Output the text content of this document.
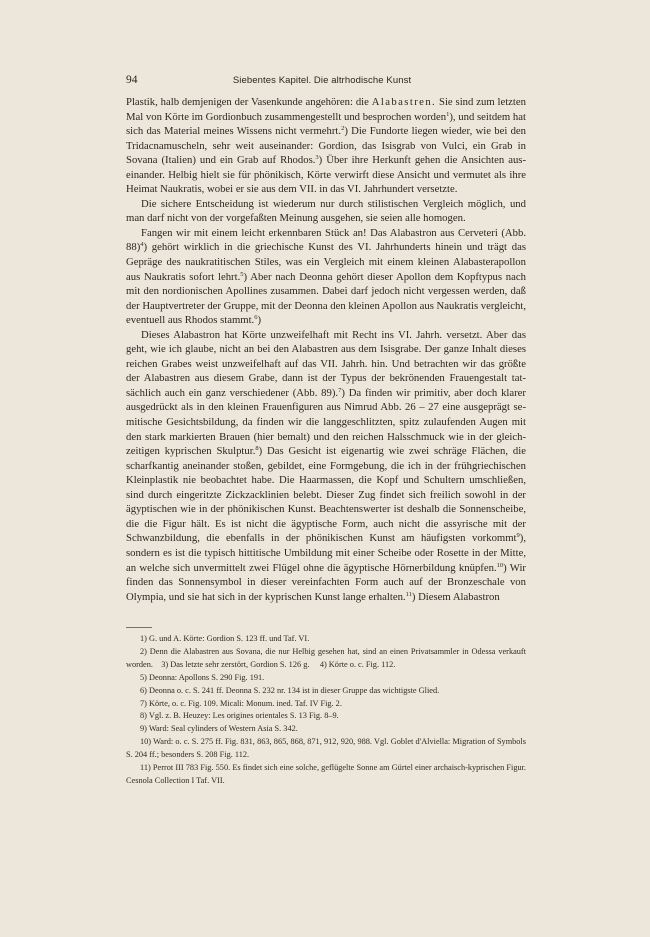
94	Siebentes Kapitel. Die altrhodische Kunst

Plastik, halb demjenigen der Vasenkunde angehören: die Alabastren. Sie sind zum letzten Mal von Körte im Gordionbuch zusammengestellt und besprochen worden$^1$), und seitdem hat sich das Material meines Wissens nicht vermehrt.$^2$) Die Fundorte liegen wieder, wie bei den Tridacnamuscheln, sehr weit auseinander: Gordion, das Isisgrab von Vulci, ein Grab in Sovana (Italien) und ein Grab auf Rhodos.$^3$) Über ihre Herkunft gehen die Ansichten auseinander. Helbig hielt sie für phönikisch, Körte verwirft diese Ansicht und vermutet als ihre Heimat Naukratis, wobei er sie aus dem VII. in das VI. Jahrhundert versetzte.

Die sichere Entscheidung ist wiederum nur durch stilistischen Vergleich möglich, und man darf nicht von der vorgefaßten Meinung ausgehen, sie seien alle homogen.

Fangen wir mit einem leicht erkennbaren Stück an! Das Alabastron aus Cerveteri (Abb. 88)$^4$) gehört wirklich in die griechische Kunst des VI. Jahrhunderts hinein und trägt das Gepräge des naukratitischen Stiles, was ein Vergleich mit einem kleinen Alabasterapollon aus Naukratis sofort lehrt.$^5$) Aber nach Deonna gehört dieser Apollon dem Kopftypus nach mit den nordionischen Apollines zusammen. Dabei darf jedoch nicht vergessen werden, daß der Hauptvertreter der Gruppe, mit der Deonna den kleinen Apollon aus Naukratis vergleicht, eventuell aus Rhodos stammt.$^6$)

Dieses Alabastron hat Körte unzweifelhaft mit Recht ins VI. Jahrh. versetzt. Aber das geht, wie ich glaube, nicht an bei den Alabastren aus dem Isisgrabe. Der ganze Inhalt dieses reichen Grabes weist unzweifelhaft auf das VII. Jahrh. hin. Und betrachten wir das größte der Alabastren aus diesem Grabe, dann ist der Typus der bekrönenden Frauengestalt tatsächlich auch ein ganz verschiedener (Abb. 89).$^7$) Da finden wir primitiv, aber doch klarer ausgedrückt als in den kleinen Frauenfiguren aus Nimrud Abb. 26 – 27 eine ausgeprägt semitische Gesichtsbildung, da finden wir die langgeschlitzten, spitz zulaufenden Augen mit den stark markierten Brauen (hier bemalt) und den reichen Halsschmuck wie in der gleichzeitigen kyprischen Skulptur.$^8$) Das Gesicht ist eigenartig wie zwei schräge Flächen, die scharfkantig aneinander stoßen, gebildet, eine Formgebung, die ich in der frühgriechischen Kleinplastik nie beobachtet habe. Die Haarmassen, die Kopf und Schultern umschließen, sind durch eingeritzte Zickzacklinien belebt. Dieser Zug findet sich freilich sowohl in der ägyptischen wie in der phönikischen Kunst. Beachtenswerter ist deshalb die Sonnenscheibe, die die Figur hält. Es ist nicht die ägyptische Form, auch nicht die assyrische mit der Schwanzbildung, die ebenfalls in der phönikischen Kunst am häufigsten vorkommt$^9$), sondern es ist die typisch hittitische Umbildung mit einer Scheibe oder Rosette in der Mitte, an welche sich unvermittelt zwei Flügel ohne die ägyptische Hörnerbildung knüpfen.$^{10}$) Wir finden das Sonnensymbol in dieser vereinfachten Form auch auf der Bronzeschale von Olympia, und sie hat sich in der kyprischen Kunst lange erhalten.$^{11}$) Diesem Alabastron

1) G. und A. Körte: Gordion S. 123 ff. und Taf. VI.

2) Denn die Alabastren aus Sovana, die nur Helbig gesehen hat, sind an einen Privatsammler in Odessa verkauft worden. 3) Das letzte sehr zerstört, Gordion S. 126 g. 4) Körte o. c. Fig. 112.

5) Deonna: Apollons S. 290 Fig. 191.

6) Deonna o. c. S. 241 ff. Deonna S. 232 nr. 134 ist in dieser Gruppe das wichtigste Glied.

7) Körte, o. c. Fig. 109. Micali: Monum. ined. Taf. IV Fig. 2.

8) Vgl. z. B. Heuzey: Les origines orientales S. 13 Fig. 8–9.

9) Ward: Seal cylinders of Western Asia S. 342.

10) Ward: o. c. S. 275 ff. Fig. 831, 863, 865, 868, 871, 912, 920, 988. Vgl. Goblet d'Alviella: Migration of Symbols S. 204 ff.; besonders S. 208 Fig. 112.

11) Perrot III 783 Fig. 550. Es findet sich eine solche, geflügelte Sonne am Gürtel einer archaisch-kyprischen Figur. Cesnola Collection I Taf. VII.
